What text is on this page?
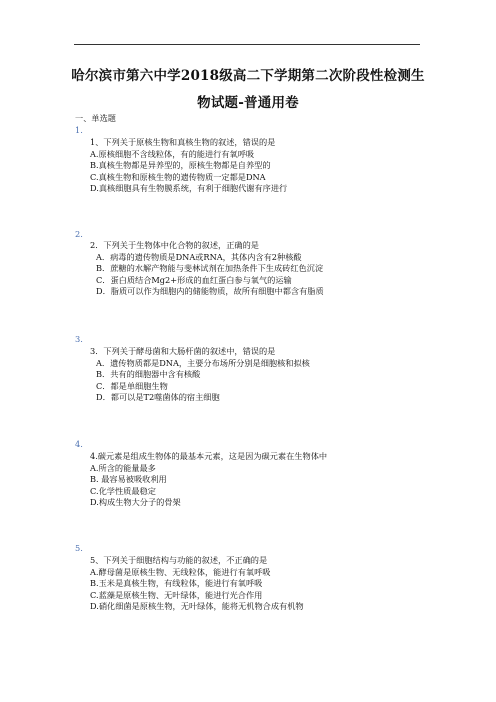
哈尔滨市第六中学2018级高二下学期第二次阶段性检测生
物试题-普通用卷
一、单选题
1.
1、下列关于原核生物和真核生物的叙述，错误的是
A.原核细胞不含线粒体，有的能进行有氧呼吸
B.真核生物都是异养型的，原核生物都是自养型的
C.真核生物和原核生物的遗传物质一定都是DNA
D.真核细胞具有生物膜系统，有利于细胞代谢有序进行
2.
2．下列关于生物体中化合物的叙述，正确的是
A．病毒的遗传物质是DNA或RNA，其体内含有2种核酸
B．蔗糖的水解产物能与斐林试剂在加热条件下生成砖红色沉淀
C．蛋白质结合Mg2+形成的血红蛋白参与氧气的运输
D．脂质可以作为细胞内的储能物质，故所有细胞中都含有脂质
3.
3．下列关于酵母菌和大肠杆菌的叙述中，错误的是
A．遗传物质都是DNA，主要分布场所分别是细胞核和拟核
B．共有的细胞器中含有核酸
C．都是单细胞生物
D．都可以是T2噬菌体的宿主细胞
4.
4.碳元素是组成生物体的最基本元素，这是因为碳元素在生物体中
A.所含的能量最多
B. 最容易被吸收利用
C.化学性质最稳定
D.构成生物大分子的骨架
5.
5、下列关于细胞结构与功能的叙述，不正确的是
A.酵母菌是原核生物、无线粒体，能进行有氧呼吸
B.玉米是真核生物，有线粒体，能进行有氧呼吸
C.蓝藻是原核生物、无叶绿体，能进行光合作用
D.硝化细菌是原核生物，无叶绿体，能将无机物合成有机物
